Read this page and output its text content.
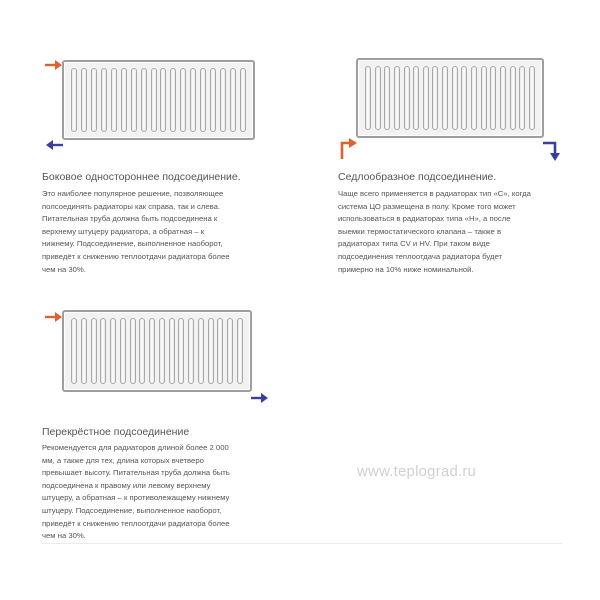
Боковое одностороннее подсоединение.
Это наиболее популярное решение, позволяющее
полсоединять радиаторы как справа, так и слева.
Питательная труба должна быть подсоединена к
верхнему штуцеру радиатора, а обратная – к
нижнему. Подсоединение, выполненное наоборот,
приведёт к снижению теплоотдачи радиатора более
чем на 30%.
Седлообразное подсоединение.
Чаще всего применяется в радиаторах тип «С», когда
система ЦО размещена в полу. Кроме того может
использоваться в радиаторах типа «Н», а после
выемки термостатического клапана – также в
радиаторах типа CV и HV. При таком виде
подсоединения теплоотдача радиатора будет
примерно на 10% ниже номинальной.
Перекрёстное подсоединение
Рекомендуется для радиаторов длиной более 2 000
мм, а также для тех, длина которых вчетверо
превышает высоту. Питательная труба должна быть
подсоединена к правому или левому верхнему
штуцеру, а обратная – к противолежащему нижнему
штуцеру. Подсоединение, выполненное наоборот,
приведёт к снижению теплоотдачи радиатора более
чем на 30%.
www.teplograd.ru
